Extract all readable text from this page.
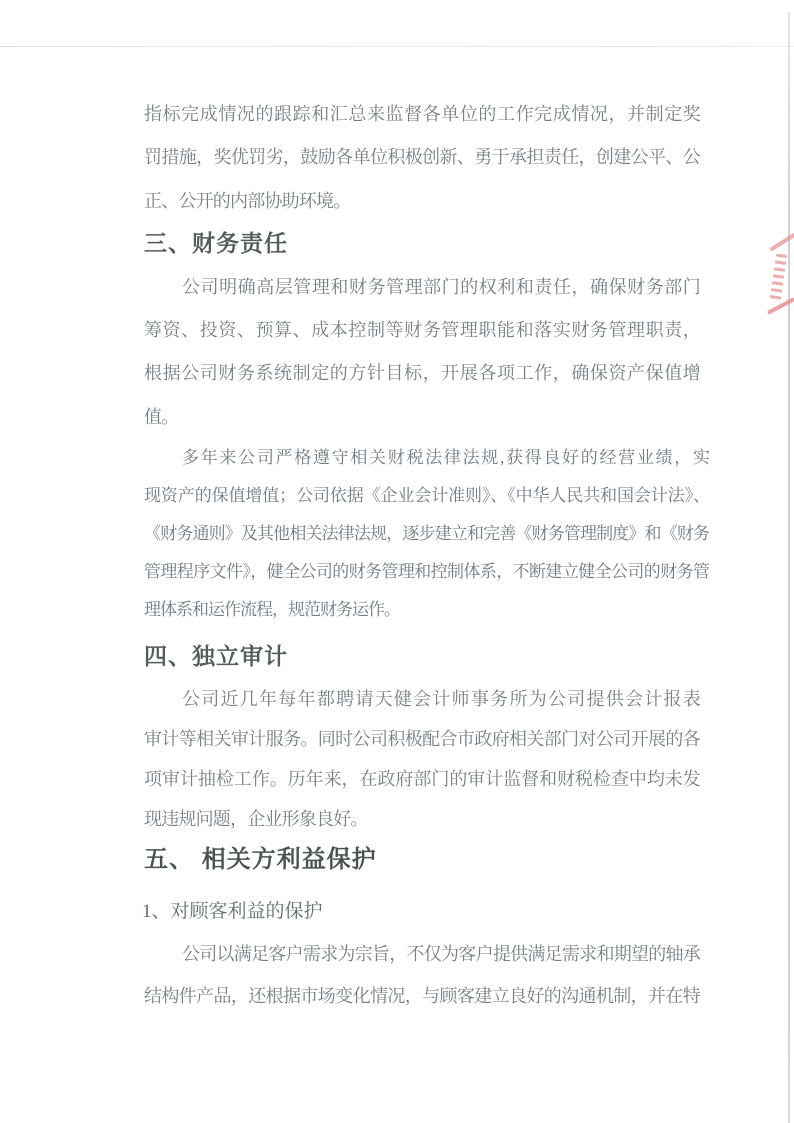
指标完成情况的跟踪和汇总来监督各单位的工作完成情况，并制定奖
罚措施，奖优罚劣，鼓励各单位积极创新、勇于承担责任，创建公平、公
正、公开的内部协助环境。
三、财务责任
公司明确高层管理和财务管理部门的权利和责任，确保财务部门
筹资、投资、预算、成本控制等财务管理职能和落实财务管理职责，
根据公司财务系统制定的方针目标，开展各项工作，确保资产保值增
值。
多年来公司严格遵守相关财税法律法规,获得良好的经营业绩，实
现资产的保值增值；公司依据《企业会计准则》、《中华人民共和国会计法》、
《财务通则》及其他相关法律法规，逐步建立和完善《财务管理制度》和《财务
管理程序文件》，健全公司的财务管理和控制体系，不断建立健全公司的财务管
理体系和运作流程，规范财务运作。
四、独立审计
公司近几年每年都聘请天健会计师事务所为公司提供会计报表
审计等相关审计服务。同时公司积极配合市政府相关部门对公司开展的各
项审计抽检工作。历年来，在政府部门的审计监督和财税检查中均未发
现违规问题，企业形象良好。
五、 相关方利益保护
1、对顾客利益的保护
公司以满足客户需求为宗旨，不仅为客户提供满足需求和期望的轴承
结构件产品，还根据市场变化情况，与顾客建立良好的沟通机制，并在特
